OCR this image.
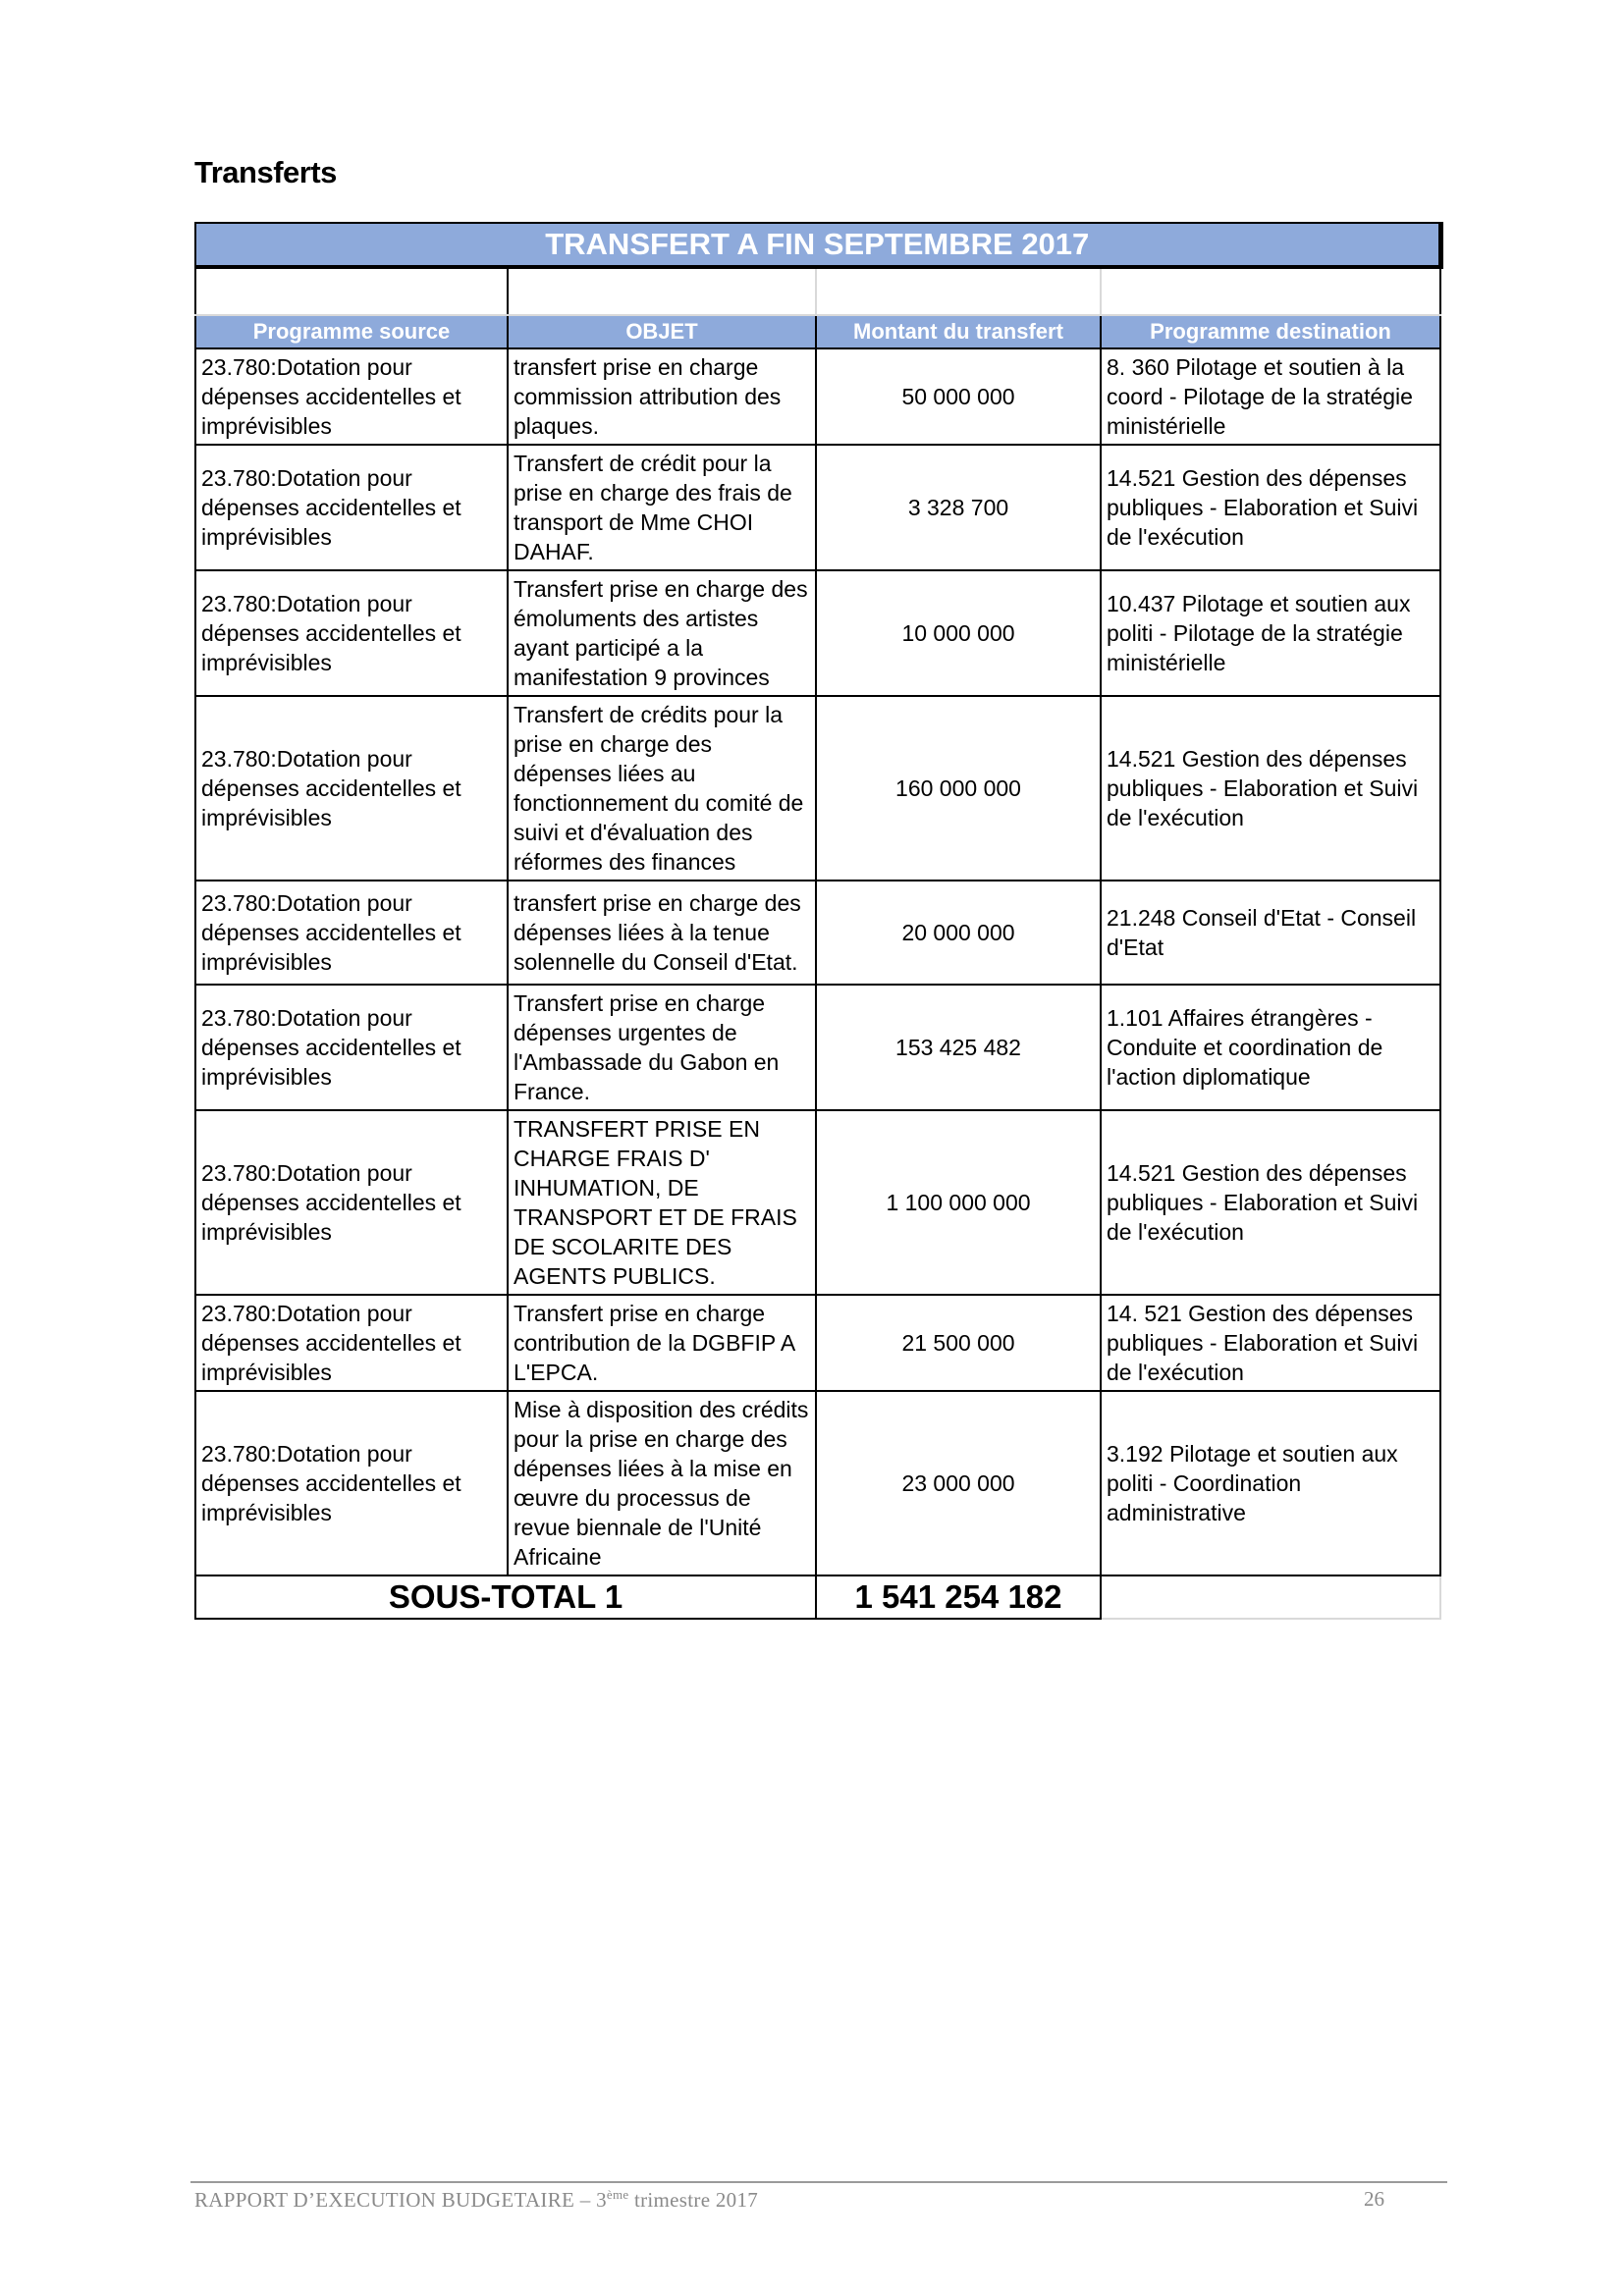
Transferts
TRANSFERT A FIN SEPTEMBRE 2017			

Programme source	OBJET	Montant du transfert	Programme destination
23.780:Dotation pour dépenses accidentelles et imprévisibles	transfert prise en charge commission attribution des plaques.	50 000 000	8. 360 Pilotage et soutien à la coord - Pilotage de la stratégie ministérielle
23.780:Dotation pour dépenses accidentelles et imprévisibles	Transfert de crédit pour la prise en charge des frais de transport de Mme CHOI DAHAF.	3 328 700	14.521 Gestion des dépenses publiques - Elaboration et Suivi de l'exécution
23.780:Dotation pour dépenses accidentelles et imprévisibles	Transfert prise en charge des émoluments des artistes ayant participé a la manifestation 9 provinces	10 000 000	10.437 Pilotage et soutien aux politi - Pilotage de la stratégie ministérielle
23.780:Dotation pour dépenses accidentelles et imprévisibles	Transfert de crédits pour la prise en charge des dépenses liées au fonctionnement du comité de suivi et d'évaluation des réformes des finances	160 000 000	14.521 Gestion des dépenses publiques - Elaboration et Suivi de l'exécution
23.780:Dotation pour dépenses accidentelles et imprévisibles	transfert prise en charge des dépenses liées à la tenue solennelle du Conseil d'Etat.	20 000 000	21.248 Conseil d'Etat - Conseil d'Etat
23.780:Dotation pour dépenses accidentelles et imprévisibles	Transfert prise en charge dépenses urgentes de l'Ambassade du Gabon en France.	153 425 482	1.101 Affaires étrangères - Conduite et coordination de l'action diplomatique
23.780:Dotation pour dépenses accidentelles et imprévisibles	TRANSFERT PRISE EN CHARGE FRAIS D' INHUMATION, DE TRANSPORT ET DE FRAIS DE SCOLARITE DES AGENTS PUBLICS.	1 100 000 000	14.521 Gestion des dépenses publiques - Elaboration et Suivi de l'exécution
23.780:Dotation pour dépenses accidentelles et imprévisibles	Transfert prise en charge contribution de la DGBFIP A L'EPCA.	21 500 000	14. 521 Gestion des dépenses publiques - Elaboration et Suivi de l'exécution
23.780:Dotation pour dépenses accidentelles et imprévisibles	Mise à disposition des crédits pour la prise en charge des dépenses liées à la mise en œuvre du processus de revue biennale de l'Unité Africaine	23 000 000	3.192 Pilotage et soutien aux politi - Coordination administrative
SOUS-TOTAL 1		1 541 254 182	
RAPPORT D’EXECUTION BUDGETAIRE – 3ème trimestre 2017	26
